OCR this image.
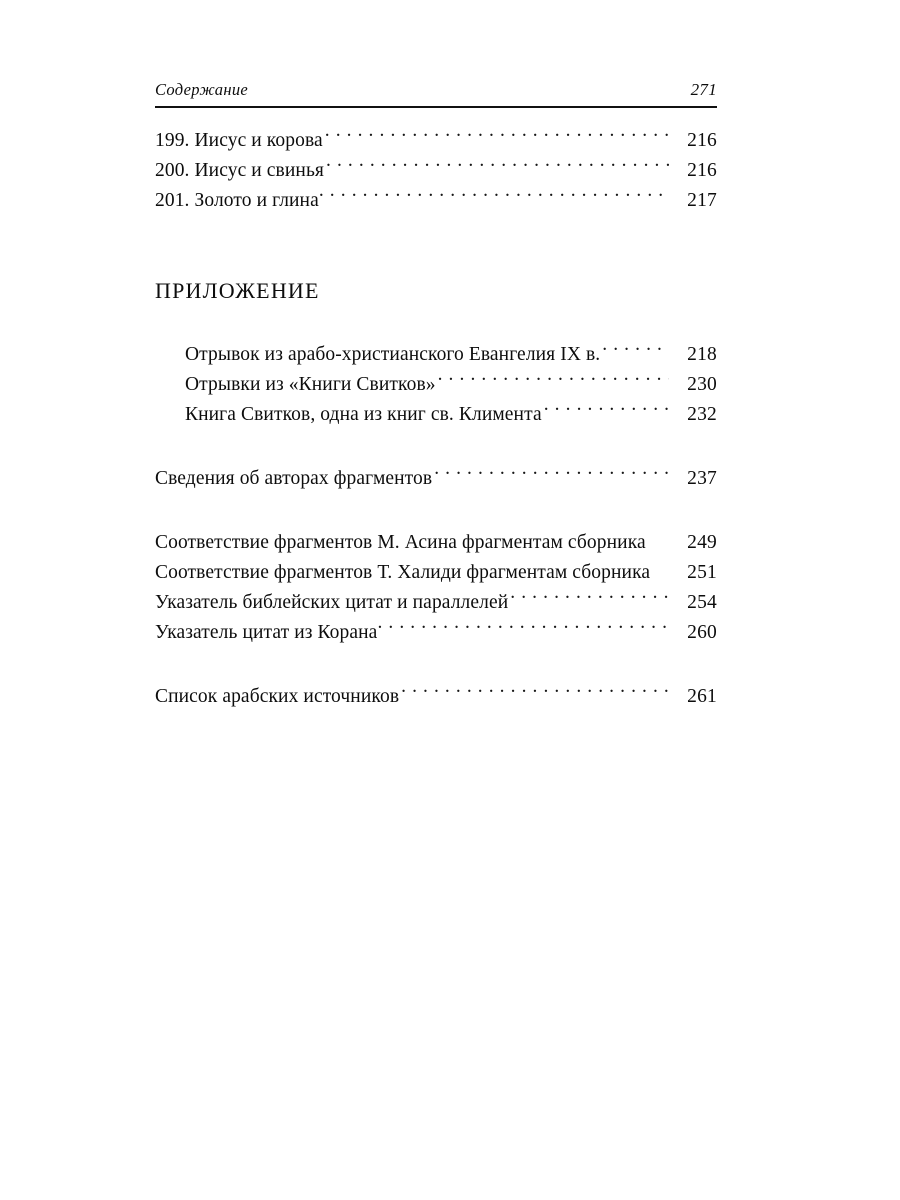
Содержание	271
199. Иисус и корова . . .	216
200. Иисус и свинья . . .	216
201. Золото и глина . . .	217
ПРИЛОЖЕНИЕ
Отрывок из арабо-христианского Евангелия IX в. . . .	218
Отрывки из «Книги Свитков» . . .	230
Книга Свитков, одна из книг св. Климента . . .	232
Сведения об авторах фрагментов . . .	237
Соответствие фрагментов М. Асина фрагментам сборника	249
Соответствие фрагментов Т. Халиди фрагментам сборника	251
Указатель библейских цитат и параллелей . . .	254
Указатель цитат из Корана . . .	260
Список арабских источников . . .	261
